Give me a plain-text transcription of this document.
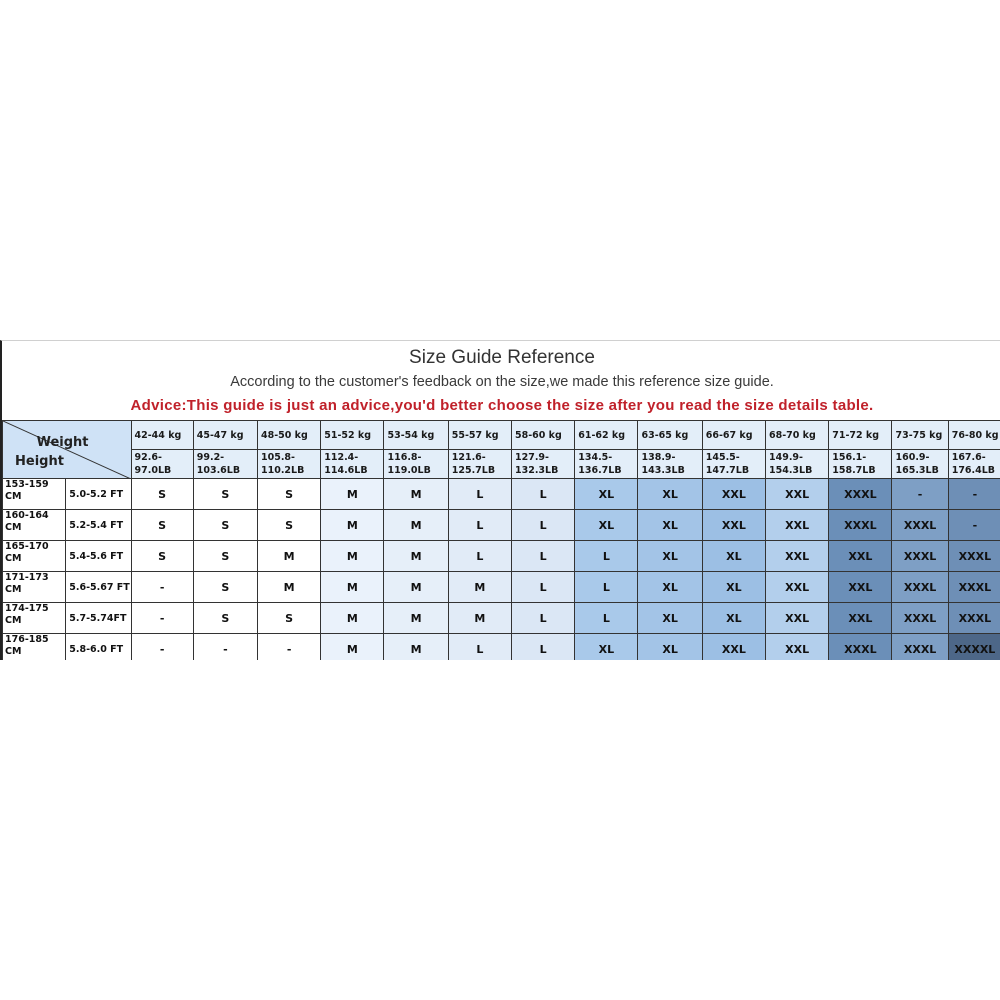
Size Guide Reference
According to the customer's feedback on the size,we made this reference size guide.
Advice:This guide is just an advice,you'd better choose the size after you read the size details table.
Weight
Height		42-44 kg	45-47 kg	48-50 kg	51-52 kg	53-54 kg	55-57 kg	58-60 kg	61-62 kg	63-65 kg	66-67 kg	68-70 kg	71-72 kg	73-75 kg	76-80 kg
		92.6-97.0LB	99.2-103.6LB	105.8-110.2LB	112.4-114.6LB	116.8-119.0LB	121.6-125.7LB	127.9-132.3LB	134.5-136.7LB	138.9-143.3LB	145.5-147.7LB	149.9-154.3LB	156.1-158.7LB	160.9-165.3LB	167.6-176.4LB
153-159 CM	5.0-5.2 FT	S	S	S	M	M	L	L	XL	XL	XXL	XXL	XXXL	-	-
160-164 CM	5.2-5.4 FT	S	S	S	M	M	L	L	XL	XL	XXL	XXL	XXXL	XXXL	-
165-170 CM	5.4-5.6 FT	S	S	M	M	M	L	L	L	XL	XL	XXL	XXL	XXXL	XXXL
171-173 CM	5.6-5.67 FT	-	S	M	M	M	M	L	L	XL	XL	XXL	XXL	XXXL	XXXL
174-175 CM	5.7-5.74FT	-	S	S	M	M	M	L	L	XL	XL	XXL	XXL	XXXL	XXXL
176-185 CM	5.8-6.0 FT	-	-	-	M	M	L	L	XL	XL	XXL	XXL	XXXL	XXXL	XXXXL
